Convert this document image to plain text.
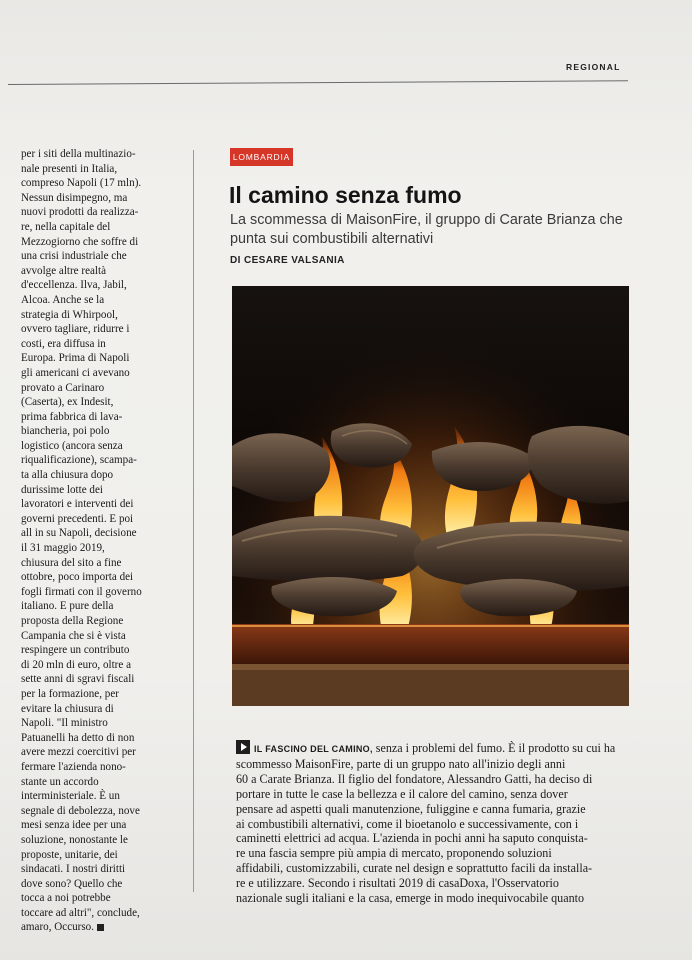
REGIONAL
per i siti della multinazio-
nale presenti in Italia,
compreso Napoli (17 mln).
Nessun disimpegno, ma
nuovi prodotti da realizza-
re, nella capitale del
Mezzogiorno che soffre di
una crisi industriale che
avvolge altre realtà
d'eccellenza. Ilva, Jabil,
Alcoa. Anche se la
strategia di Whirpool,
ovvero tagliare, ridurre i
costi, era diffusa in
Europa. Prima di Napoli
gli americani ci avevano
provato a Carinaro
(Caserta), ex Indesit,
prima fabbrica di lava-
biancheria, poi polo
logistico (ancora senza
riqualificazione), scampa-
ta alla chiusura dopo
durissime lotte dei
lavoratori e interventi dei
governi precedenti. E poi
all in su Napoli, decisione
il 31 maggio 2019,
chiusura del sito a fine
ottobre, poco importa dei
fogli firmati con il governo
italiano. E pure della
proposta della Regione
Campania che si è vista
respingere un contributo
di 20 mln di euro, oltre a
sette anni di sgravi fiscali
per la formazione, per
evitare la chiusura di
Napoli. "Il ministro
Patuanelli ha detto di non
avere mezzi coercitivi per
fermare l'azienda nono-
stante un accordo
interministeriale. È un
segnale di debolezza, nove
mesi senza idee per una
soluzione, nonostante le
proposte, unitarie, dei
sindacati. I nostri diritti
dove sono? Quello che
tocca a noi potrebbe
toccare ad altri", conclude,
amaro, Occurso.
LOMBARDIA
Il camino senza fumo
La scommessa di MaisonFire, il gruppo di Carate Brianza che punta sui combustibili alternativi
DI CESARE VALSANIA
IL FASCINO DEL CAMINO, senza i problemi del fumo. È il prodotto su cui ha
scommesso MaisonFire, parte di un gruppo nato all'inizio degli anni
60 a Carate Brianza. Il figlio del fondatore, Alessandro Gatti, ha deciso di
portare in tutte le case la bellezza e il calore del camino, senza dover
pensare ad aspetti quali manutenzione, fuliggine e canna fumaria, grazie
ai combustibili alternativi, come il bioetanolo e successivamente, con i
caminetti elettrici ad acqua. L'azienda in pochi anni ha saputo conquista-
re una fascia sempre più ampia di mercato, proponendo soluzioni
affidabili, customizzabili, curate nel design e soprattutto facili da installa-
re e utilizzare. Secondo i risultati 2019 di casaDoxa, l'Osservatorio
nazionale sugli italiani e la casa, emerge in modo inequivocabile quanto
